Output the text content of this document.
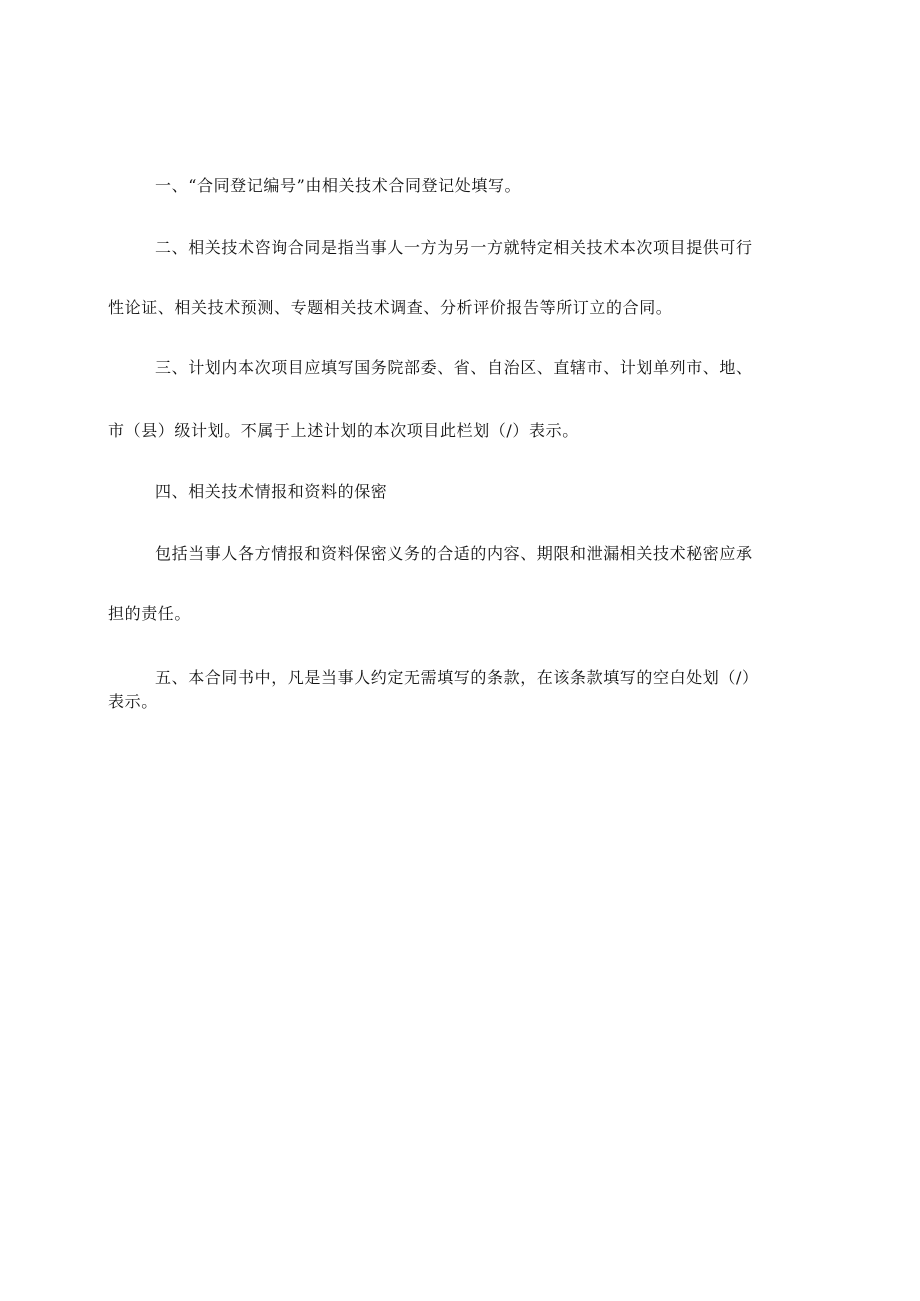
一、“合同登记编号”由相关技术合同登记处填写。
二、相关技术咨询合同是指当事人一方为另一方就特定相关技术本次项目提供可行
性论证、相关技术预测、专题相关技术调查、分析评价报告等所订立的合同。
三、计划内本次项目应填写国务院部委、省、自治区、直辖市、计划单列市、地、
市（县）级计划。不属于上述计划的本次项目此栏划（/）表示。
四、相关技术情报和资料的保密
包括当事人各方情报和资料保密义务的合适的内容、期限和泄漏相关技术秘密应承
担的责任。
五、本合同书中，凡是当事人约定无需填写的条款，在该条款填写的空白处划（/）
表示。
